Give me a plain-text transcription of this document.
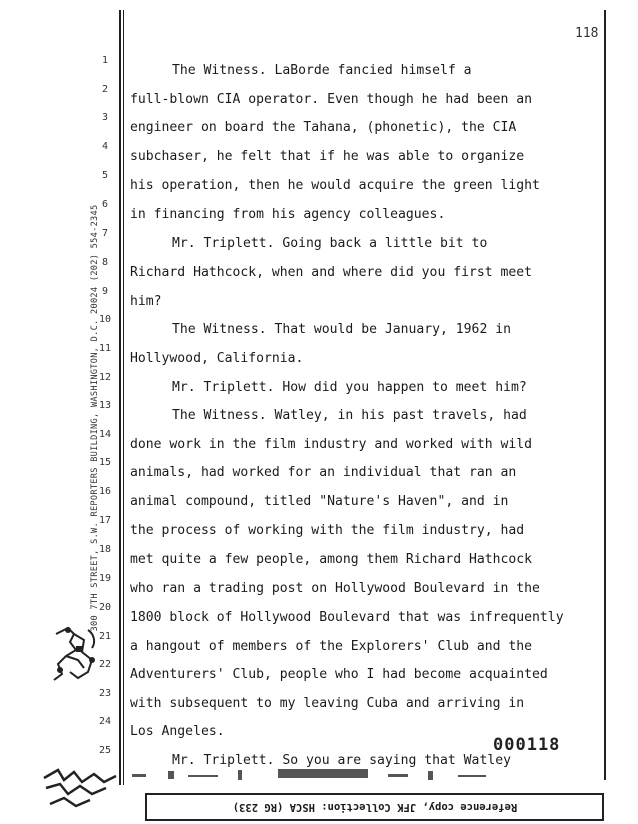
118
300 7TH STREET, S.W. REPORTERS BUILDING, WASHINGTON, D.C. 20024 (202) 554-2345
1
The Witness. LaBorde fancied himself a
2
full-blown CIA operator. Even though he had been an
3
engineer on board the Tahana, (phonetic), the CIA
4
subchaser, he felt that if he was able to organize
5
his operation, then he would acquire the green light
6
in financing from his agency colleagues.
7
Mr. Triplett. Going back a little bit to
8
Richard Hathcock, when and where did you first meet
9
him?
10
The Witness. That would be January, 1962 in
11
Hollywood, California.
12
Mr. Triplett. How did you happen to meet him?
13
The Witness. Watley, in his past travels, had
14
done work in the film industry and worked with wild
15
animals, had worked for an individual that ran an
16
animal compound, titled "Nature's Haven", and in
17
the process of working with the film industry, had
18
met quite a few people, among them Richard Hathcock
19
who ran a trading post on Hollywood Boulevard in the
20
1800 block of Hollywood Boulevard that was infrequently
21
a hangout of members of the Explorers' Club and the
22
Adventurers' Club, people who I had become acquainted
23
with subsequent to my leaving Cuba and arriving in
24
Los Angeles.
25
Mr. Triplett. So you are saying that Watley
000118
Reference copy, JFK Collection: HSCA (RG 233)
